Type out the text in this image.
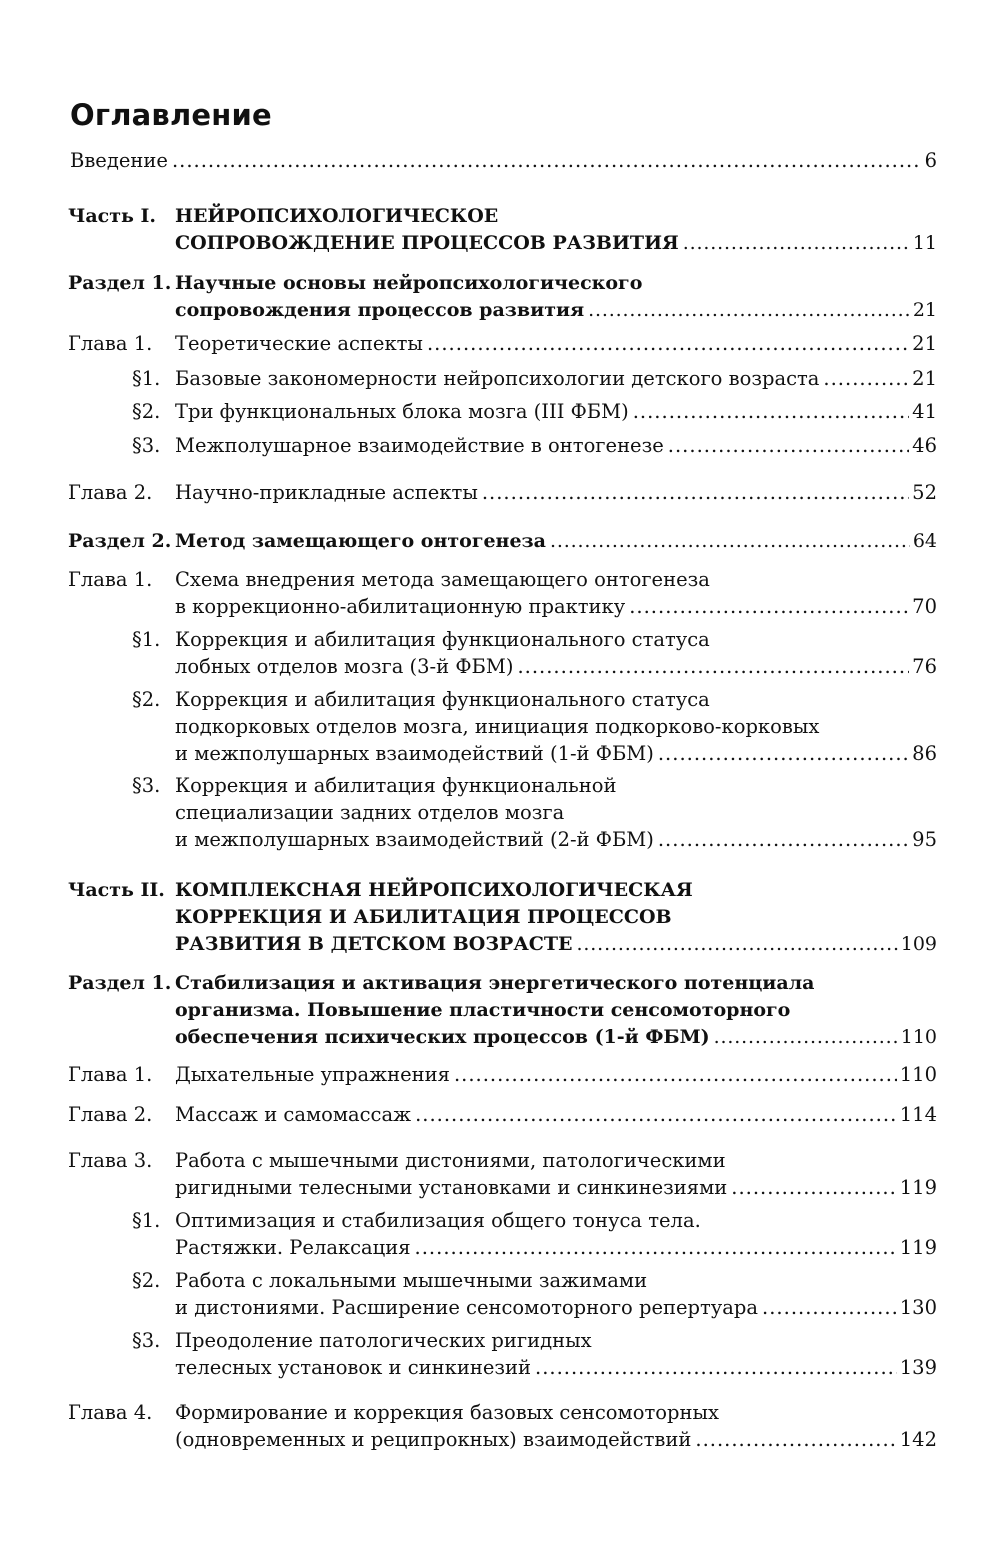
Оглавление
Введение . . .	6
Часть I. НЕЙРОПСИХОЛОГИЧЕСКОЕ
СОПРОВОЖДЕНИЕ ПРОЦЕССОВ РАЗВИТИЯ . . .	11
Раздел 1. Научные основы нейропсихологического
сопровождения процессов развития . . .	21
Глава 1. Теоретические аспекты . . .	21
§1. Базовые закономерности нейропсихологии детского возраста . . .	21
§2. Три функциональных блока мозга (III ФБМ) . . .	41
§3. Межполушарное взаимодействие в онтогенезе . . .	46
Глава 2. Научно-прикладные аспекты . . .	52
Раздел 2. Метод замещающего онтогенеза . . .	64
Глава 1. Схема внедрения метода замещающего онтогенеза
в коррекционно-абилитационную практику . . .	70
§1. Коррекция и абилитация функционального статуса
лобных отделов мозга (3-й ФБМ) . . .	76
§2. Коррекция и абилитация функционального статуса
подкорковых отделов мозга, инициация подкорково-корковых
и межполушарных взаимодействий (1-й ФБМ) . . .	86
§3. Коррекция и абилитация функциональной
специализации задних отделов мозга
и межполушарных взаимодействий (2-й ФБМ) . . .	95
Часть II. КОМПЛЕКСНАЯ НЕЙРОПСИХОЛОГИЧЕСКАЯ
КОРРЕКЦИЯ И АБИЛИТАЦИЯ ПРОЦЕССОВ
РАЗВИТИЯ В ДЕТСКОМ ВОЗРАСТЕ . . .	109
Раздел 1. Стабилизация и активация энергетического потенциала
организма. Повышение пластичности сенсомоторного
обеспечения психических процессов (1-й ФБМ) . . .	110
Глава 1. Дыхательные упражнения . . .	110
Глава 2. Массаж и самомассаж . . .	114
Глава 3. Работа с мышечными дистониями, патологическими
ригидными телесными установками и синкинезиями . . .	119
§1. Оптимизация и стабилизация общего тонуса тела.
Растяжки. Релаксация . . .	119
§2. Работа с локальными мышечными зажимами
и дистониями. Расширение сенсомоторного репертуара . . .	130
§3. Преодоление патологических ригидных
телесных установок и синкинезий . . .	139
Глава 4. Формирование и коррекция базовых сенсомоторных
(одновременных и реципрокных) взаимодействий . . .	142
